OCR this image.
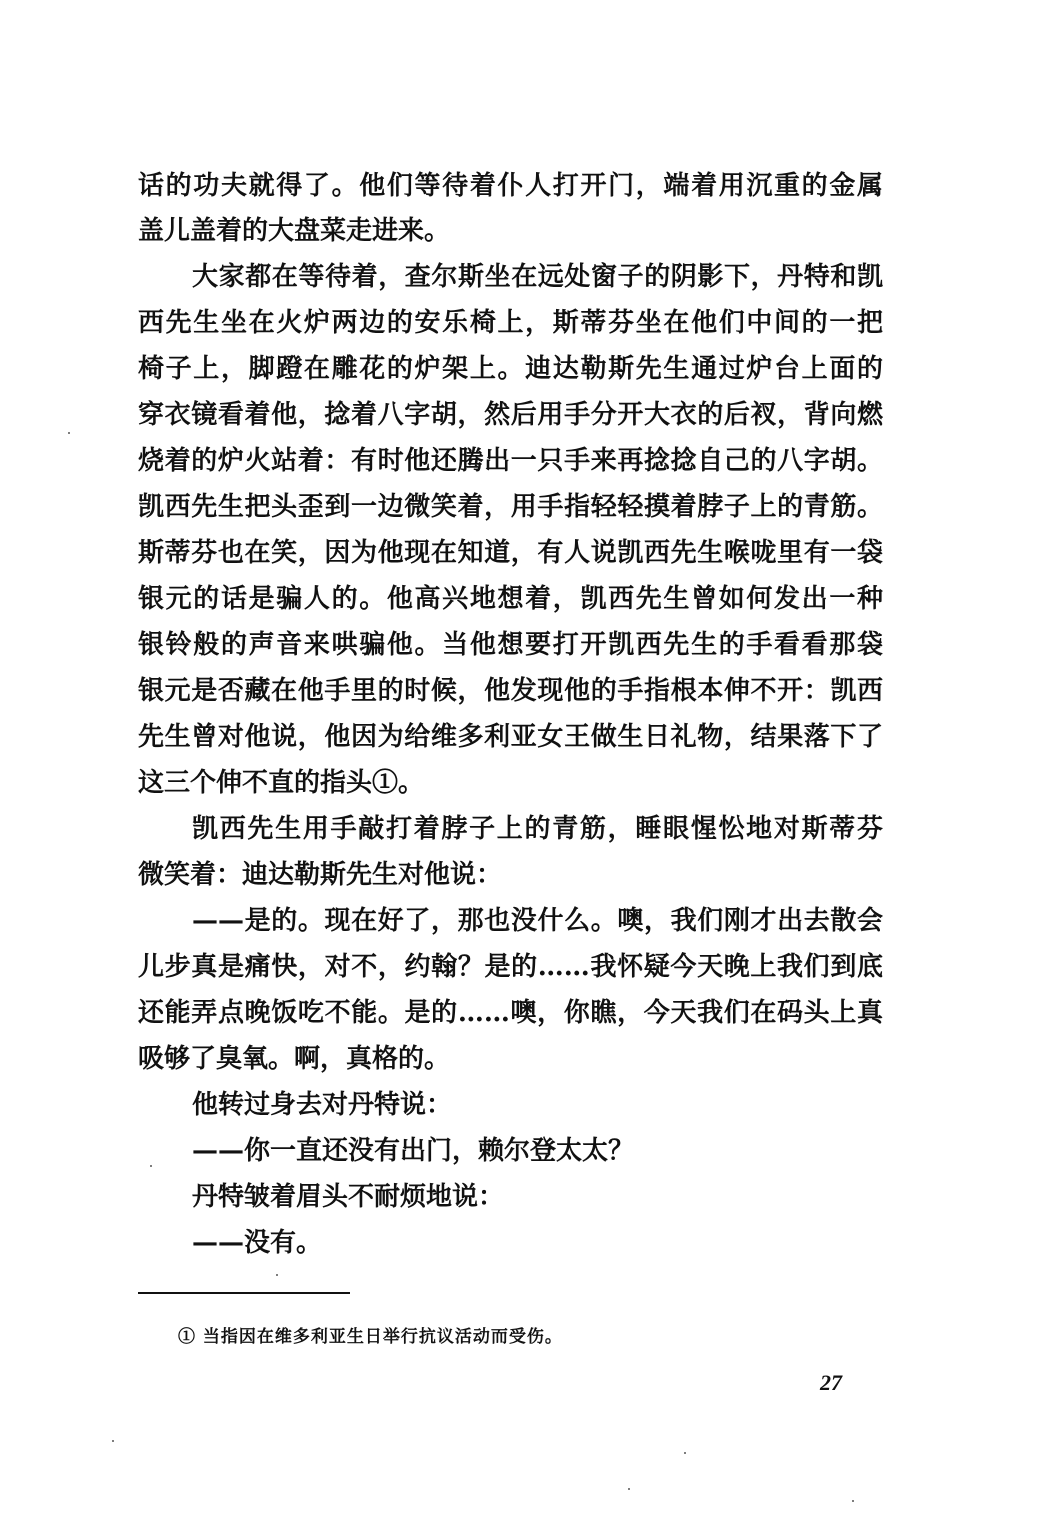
话的功夫就得了。他们等待着仆人打开门，端着用沉重的金属
盖儿盖着的大盘菜走进来。
大家都在等待着，查尔斯坐在远处窗子的阴影下，丹特和凯
西先生坐在火炉两边的安乐椅上，斯蒂芬坐在他们中间的一把
椅子上，脚蹬在雕花的炉架上。迪达勒斯先生通过炉台上面的
穿衣镜看着他，捻着八字胡，然后用手分开大衣的后衩，背向燃
烧着的炉火站着：有时他还腾出一只手来再捻捻自己的八字胡。
凯西先生把头歪到一边微笑着，用手指轻轻摸着脖子上的青筋。
斯蒂芬也在笑，因为他现在知道，有人说凯西先生喉咙里有一袋
银元的话是骗人的。他高兴地想着，凯西先生曾如何发出一种
银铃般的声音来哄骗他。当他想要打开凯西先生的手看看那袋
银元是否藏在他手里的时候，他发现他的手指根本伸不开：凯西
先生曾对他说，他因为给维多利亚女王做生日礼物，结果落下了
这三个伸不直的指头①。
凯西先生用手敲打着脖子上的青筋，睡眼惺忪地对斯蒂芬
微笑着：迪达勒斯先生对他说：
——是的。现在好了，那也没什么。噢，我们刚才出去散会
儿步真是痛快，对不，约翰？是的……我怀疑今天晚上我们到底
还能弄点晚饭吃不能。是的……噢，你瞧，今天我们在码头上真
吸够了臭氧。啊，真格的。
他转过身去对丹特说：
——你一直还没有出门，赖尔登太太？
丹特皱着眉头不耐烦地说：
——没有。
① 当指因在维多利亚生日举行抗议活动而受伤。
27
